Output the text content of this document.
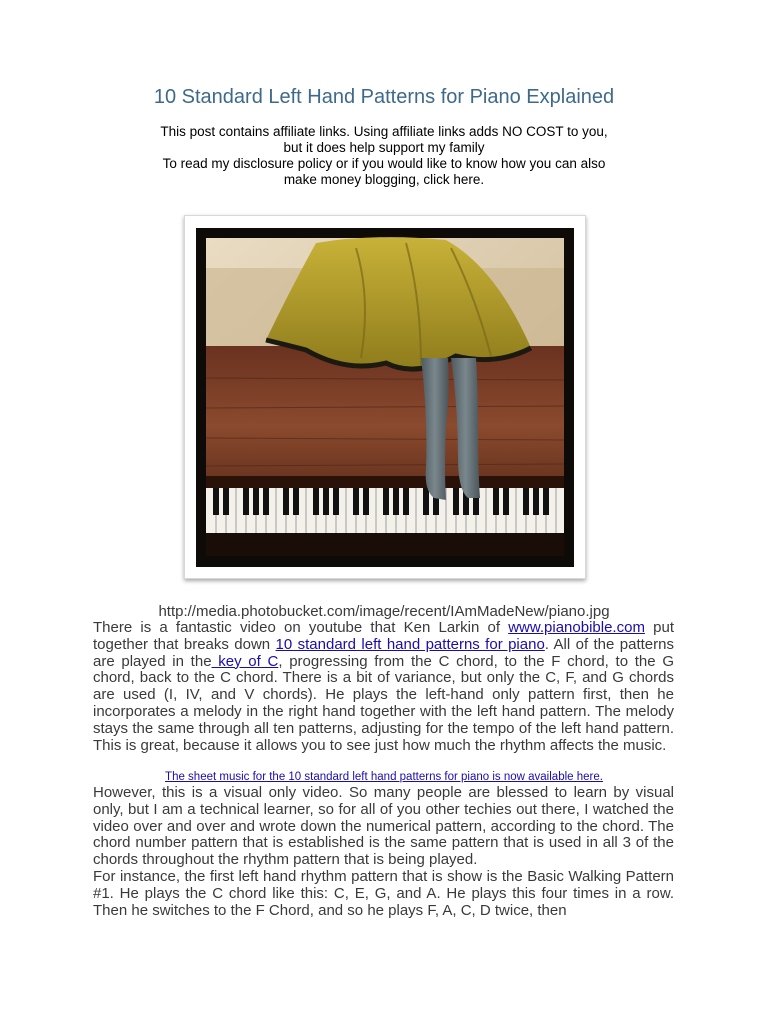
10 Standard Left Hand Patterns for Piano Explained
This post contains affiliate links. Using affiliate links adds NO COST to you,
but it does help support my family
To read my disclosure policy or if you would like to know how you can also
make money blogging, click here.
http://media.photobucket.com/image/recent/IAmMadeNew/piano.jpg

There is a fantastic video on youtube that Ken Larkin of www.pianobible.com put together that breaks down 10 standard left hand patterns for piano. All of the patterns are played in the key of C, progressing from the C chord, to the F chord, to the G chord, back to the C chord. There is a bit of variance, but only the C, F, and G chords are used (I, IV, and V chords). He plays the left-hand only pattern first, then he incorporates a melody in the right hand together with the left hand pattern. The melody stays the same through all ten patterns, adjusting for the tempo of the left hand pattern. This is great, because it allows you to see just how much the rhythm affects the music.

The sheet music for the 10 standard left hand patterns for piano is now available here.

However, this is a visual only video. So many people are blessed to learn by visual only, but I am a technical learner, so for all of you other techies out there, I watched the video over and over and wrote down the numerical pattern, according to the chord. The chord number pattern that is established is the same pattern that is used in all 3 of the chords throughout the rhythm pattern that is being played.

For instance, the first left hand rhythm pattern that is show is the Basic Walking Pattern #1. He plays the C chord like this: C, E, G, and A. He plays this four times in a row. Then he switches to the F Chord, and so he plays F, A, C, D twice, then
